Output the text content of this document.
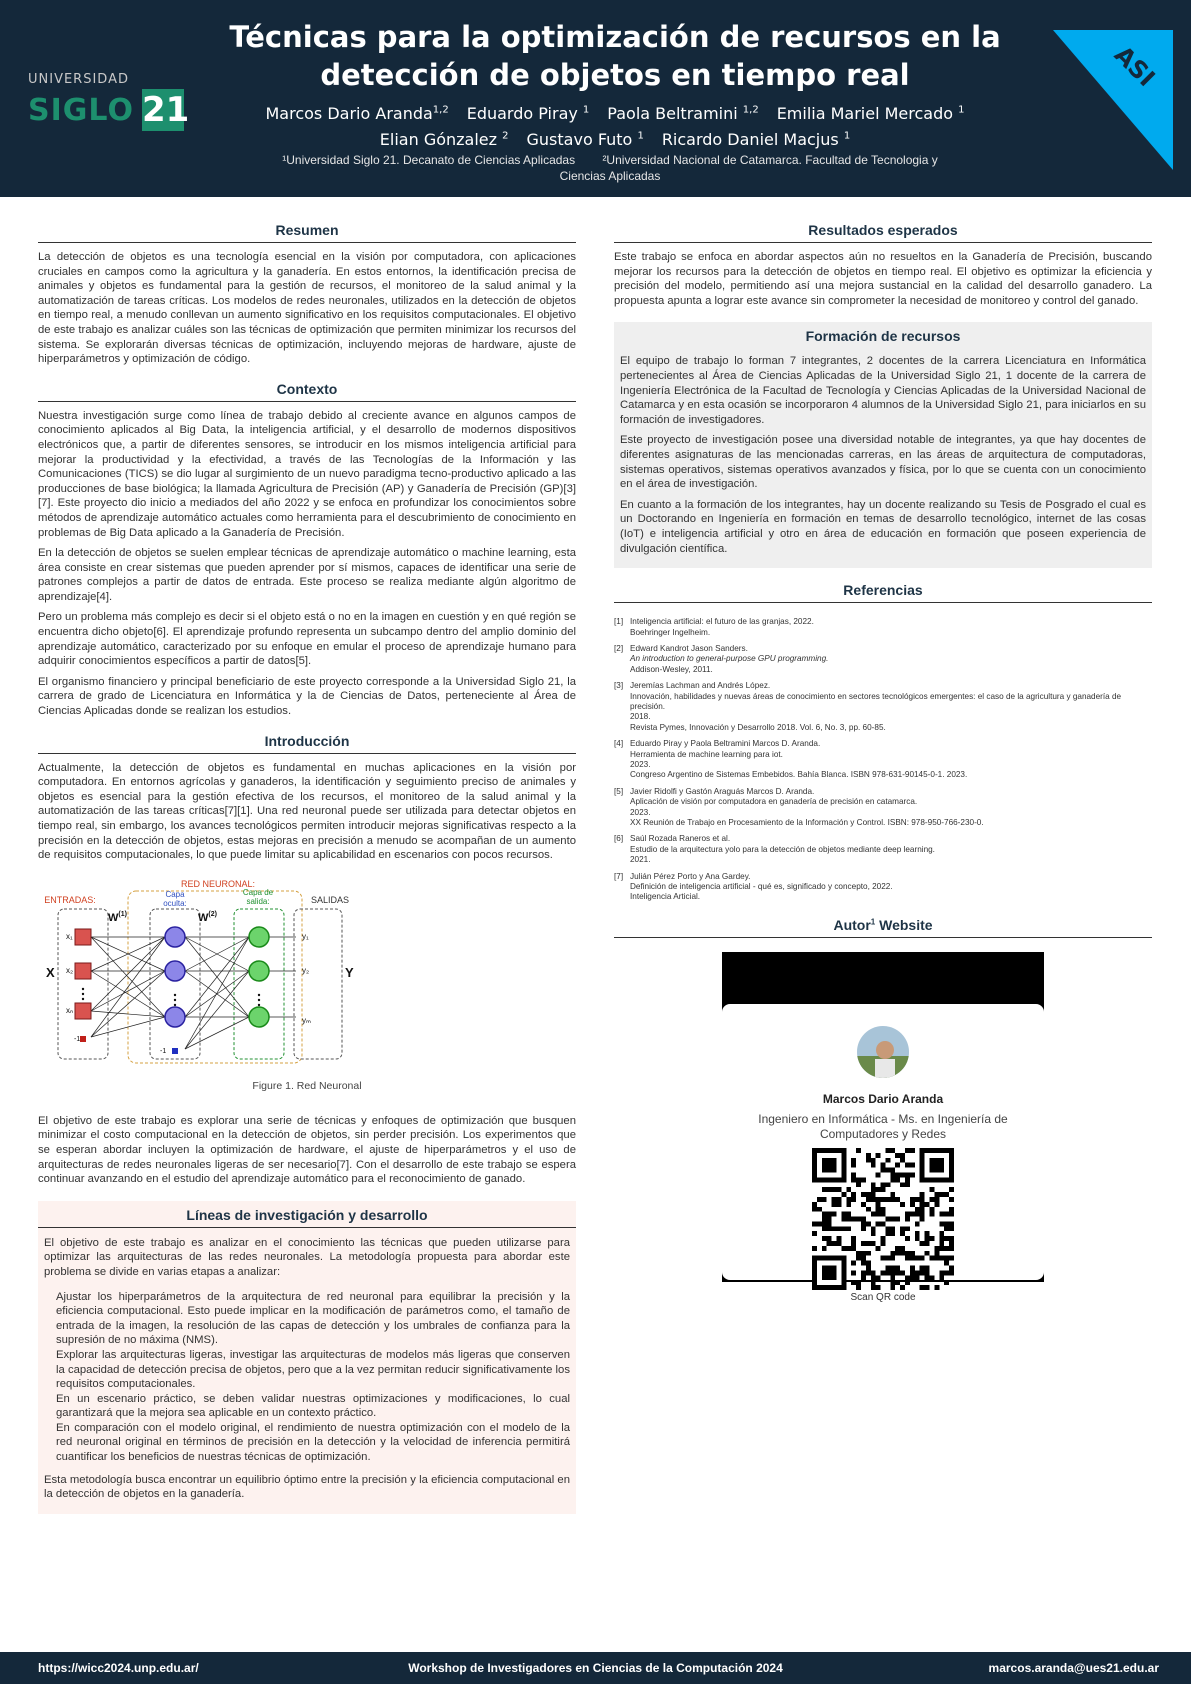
UNIVERSIDAD
SIGLO 21
Técnicas para la optimización de recursos en la
detección de objetos en tiempo real
Marcos Dario Aranda$^{1,2}$ Eduardo Piray $^1$ Paola Beltramini $^{1,2}$ Emilia Mariel Mercado $^1$
Elian Gónzalez $^2$ Gustavo Futo $^1$ Ricardo Daniel Macjus $^1$
¹Universidad Siglo 21. Decanato de Ciencias Aplicadas ²Universidad Nacional de Catamarca. Facultad de Tecnologia y
Ciencias Aplicadas
ASI
Resumen
La detección de objetos es una tecnología esencial en la visión por computadora, con aplicaciones cruciales en campos como la agricultura y la ganadería. En estos entornos, la identificación precisa de animales y objetos es fundamental para la gestión de recursos, el monitoreo de la salud animal y la automatización de tareas críticas. Los modelos de redes neuronales, utilizados en la detección de objetos en tiempo real, a menudo conllevan un aumento significativo en los requisitos computacionales. El objetivo de este trabajo es analizar cuáles son las técnicas de optimización que permiten minimizar los recursos del sistema. Se explorarán diversas técnicas de optimización, incluyendo mejoras de hardware, ajuste de hiperparámetros y optimización de código.
Contexto
Nuestra investigación surge como línea de trabajo debido al creciente avance en algunos campos de conocimiento aplicados al Big Data, la inteligencia artificial, y el desarrollo de modernos dispositivos electrónicos que, a partir de diferentes sensores, se introducir en los mismos inteligencia artificial para mejorar la productividad y la efectividad, a través de las Tecnologías de la Información y las Comunicaciones (TICS) se dio lugar al surgimiento de un nuevo paradigma tecno-productivo aplicado a las producciones de base biológica; la llamada Agricultura de Precisión (AP) y Ganadería de Precisión (GP)[3][7]. Este proyecto dio inicio a mediados del año 2022 y se enfoca en profundizar los conocimientos sobre métodos de aprendizaje automático actuales como herramienta para el descubrimiento de conocimiento en problemas de Big Data aplicado a la Ganadería de Precisión.
En la detección de objetos se suelen emplear técnicas de aprendizaje automático o machine learning, esta área consiste en crear sistemas que pueden aprender por sí mismos, capaces de identificar una serie de patrones complejos a partir de datos de entrada. Este proceso se realiza mediante algún algoritmo de aprendizaje[4].
Pero un problema más complejo es decir si el objeto está o no en la imagen en cuestión y en qué región se encuentra dicho objeto[6]. El aprendizaje profundo representa un subcampo dentro del amplio dominio del aprendizaje automático, caracterizado por su enfoque en emular el proceso de aprendizaje humano para adquirir conocimientos específicos a partir de datos[5].
El organismo financiero y principal beneficiario de este proyecto corresponde a la Universidad Siglo 21, la carrera de grado de Licenciatura en Informática y la de Ciencias de Datos, perteneciente al Área de Ciencias Aplicadas donde se realizan los estudios.
Introducción
Actualmente, la detección de objetos es fundamental en muchas aplicaciones en la visión por computadora. En entornos agrícolas y ganaderos, la identificación y seguimiento preciso de animales y objetos es esencial para la gestión efectiva de los recursos, el monitoreo de la salud animal y la automatización de las tareas críticas[7][1]. Una red neuronal puede ser utilizada para detectar objetos en tiempo real, sin embargo, los avances tecnológicos permiten introducir mejoras significativas respecto a la precisión en la detección de objetos, estas mejoras en precisión a menudo se acompañan de un aumento de requisitos computacionales, lo que puede limitar su aplicabilidad en escenarios con pocos recursos.
RED NEURONAL:
ENTRADAS:	SALIDAS
Capa
oculta:
Capa de
salida:
$W^{(1)}$	$W^{(2)}$
X	Y
x₁
x₂
xₙ
y₁
y₂
yₘ
-1
-1
Figure 1. Red Neuronal
El objetivo de este trabajo es explorar una serie de técnicas y enfoques de optimización que busquen minimizar el costo computacional en la detección de objetos, sin perder precisión. Los experimentos que se esperan abordar incluyen la optimización de hardware, el ajuste de hiperparámetros y el uso de arquitecturas de redes neuronales ligeras de ser necesario[7]. Con el desarrollo de este trabajo se espera continuar avanzando en el estudio del aprendizaje automático para el reconocimiento de ganado.
Líneas de investigación y desarrollo
El objetivo de este trabajo es analizar en el conocimiento las técnicas que pueden utilizarse para optimizar las arquitecturas de las redes neuronales. La metodología propuesta para abordar este problema se divide en varias etapas a analizar:
Ajustar los hiperparámetros de la arquitectura de red neuronal para equilibrar la precisión y la eficiencia computacional. Esto puede implicar en la modificación de parámetros como, el tamaño de entrada de la imagen, la resolución de las capas de detección y los umbrales de confianza para la supresión de no máxima (NMS).
Explorar las arquitecturas ligeras, investigar las arquitecturas de modelos más ligeras que conserven la capacidad de detección precisa de objetos, pero que a la vez permitan reducir significativamente los requisitos computacionales.
En un escenario práctico, se deben validar nuestras optimizaciones y modificaciones, lo cual garantizará que la mejora sea aplicable en un contexto práctico.
En comparación con el modelo original, el rendimiento de nuestra optimización con el modelo de la red neuronal original en términos de precisión en la detección y la velocidad de inferencia permitirá cuantificar los beneficios de nuestras técnicas de optimización.
Esta metodología busca encontrar un equilibrio óptimo entre la precisión y la eficiencia computacional en la detección de objetos en la ganadería.
Resultados esperados
Este trabajo se enfoca en abordar aspectos aún no resueltos en la Ganadería de Precisión, buscando mejorar los recursos para la detección de objetos en tiempo real. El objetivo es optimizar la eficiencia y precisión del modelo, permitiendo así una mejora sustancial en la calidad del desarrollo ganadero. La propuesta apunta a lograr este avance sin comprometer la necesidad de monitoreo y control del ganado.
Formación de recursos
El equipo de trabajo lo forman 7 integrantes, 2 docentes de la carrera Licenciatura en Informática pertenecientes al Área de Ciencias Aplicadas de la Universidad Siglo 21, 1 docente de la carrera de Ingeniería Electrónica de la Facultad de Tecnología y Ciencias Aplicadas de la Universidad Nacional de Catamarca y en esta ocasión se incorporaron 4 alumnos de la Universidad Siglo 21, para iniciarlos en su formación de investigadores.
Este proyecto de investigación posee una diversidad notable de integrantes, ya que hay docentes de diferentes asignaturas de las mencionadas carreras, en las áreas de arquitectura de computadoras, sistemas operativos, sistemas operativos avanzados y física, por lo que se cuenta con un conocimiento en el área de investigación.
En cuanto a la formación de los integrantes, hay un docente realizando su Tesis de Posgrado el cual es un Doctorando en Ingeniería en formación en temas de desarrollo tecnológico, internet de las cosas (IoT) e inteligencia artificial y otro en área de educación en formación que poseen experiencia de divulgación científica.
Referencias
[1] Inteligencia artificial: el futuro de las granjas, 2022.
Boehringer Ingelheim.
[2] Edward Kandrot Jason Sanders.
An introduction to general-purpose GPU programming.
Addison-Wesley, 2011.
[3] Jeremías Lachman and Andrés López.
Innovación, habilidades y nuevas áreas de conocimiento en sectores tecnológicos emergentes: el caso de la agricultura y ganadería de precisión.
2018.
Revista Pymes, Innovación y Desarrollo 2018. Vol. 6, No. 3, pp. 60-85.
[4] Eduardo Piray y Paola Beltramini Marcos D. Aranda.
Herramienta de machine learning para iot.
2023.
Congreso Argentino de Sistemas Embebidos. Bahía Blanca. ISBN 978-631-90145-0-1. 2023.
[5] Javier Ridolfi y Gastón Araguás Marcos D. Aranda.
Aplicación de visión por computadora en ganadería de precisión en catamarca.
2023.
XX Reunión de Trabajo en Procesamiento de la Información y Control. ISBN: 978-950-766-230-0.
[6] Saúl Rozada Raneros et al.
Estudio de la arquitectura yolo para la detección de objetos mediante deep learning.
2021.
[7] Julián Pérez Porto y Ana Gardey.
Definición de inteligencia artificial - qué es, significado y concepto, 2022.
Inteligencia Articial.
Autor$^1$ Website
Marcos Dario Aranda
Ingeniero en Informática - Ms. en Ingeniería de Computadores y Redes
Scan QR code
Workshop de Investigadores en Ciencias de la Computación 2024
https://wicc2024.unp.edu.ar/	marcos.aranda@ues21.edu.ar
